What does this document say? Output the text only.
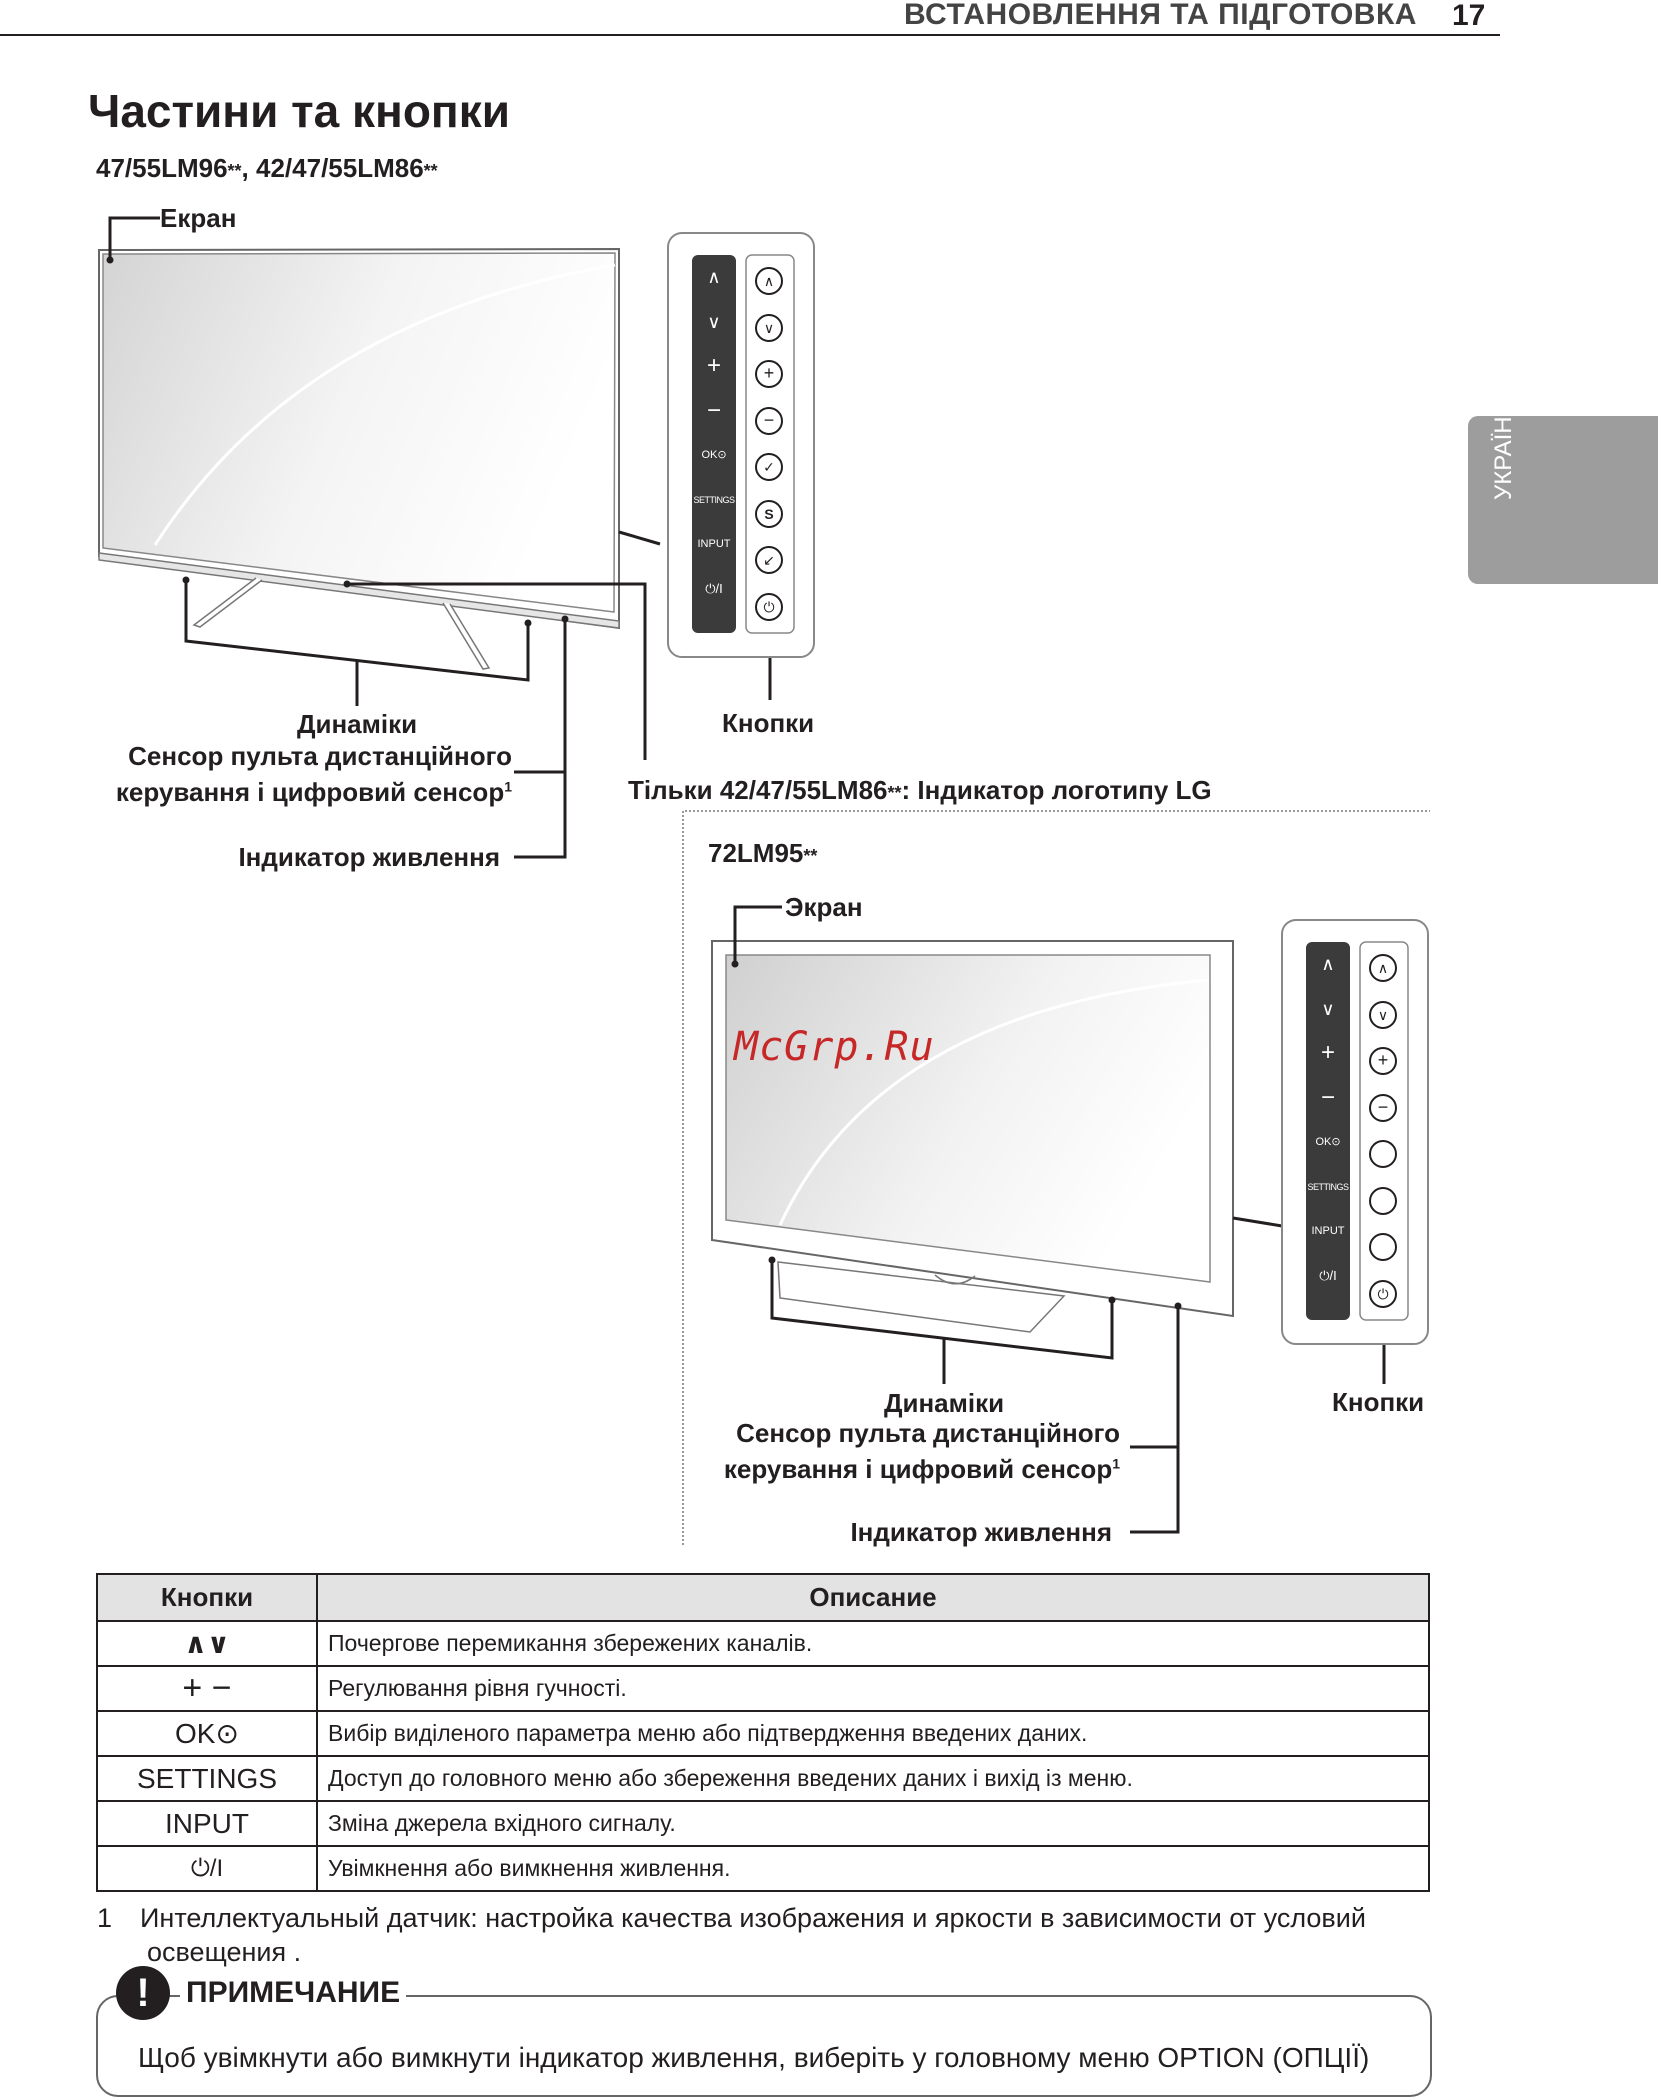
ВСТАНОВЛЕННЯ ТА ПІДГОТОВКА 17
УКРАЇНСЬКА
Частини та кнопки
47/55LM96**, 42/47/55LM86**
∧
∨
+
−
OK⊙
SETTINGS
INPUT
⏻/I
∧
∨
+
−
✓
S
↙
⏻
∧
∨
+
−
OK⊙
SETTINGS
INPUT
⏻/I
∧
∨
+
−
⏻
Екран
Динаміки
Сенсор пульта дистанційного
керування і цифровий сенсор$^1$
Індикатор живлення
Кнопки
Тільки 42/47/55LM86**: Індикатор логотипу LG
72LM95**
Экран
McGrp.Ru
Динаміки
Сенсор пульта дистанційного
керування і цифровий сенсор$^1$
Індикатор живлення
Кнопки
Кнопки	Описание
∧∨	Почергове перемикання збережених каналів.
+ −	Регулювання рівня гучності.
OK⊙	Вибір виділеного параметра меню або підтвердження введених даних.
SETTINGS	Доступ до головного меню або збереження введених даних і вихід із меню.
INPUT	Зміна джерела вхідного сигналу.
⏻/I	Увімкнення або вимкнення живлення.
1 Интеллектуальный датчик: настройка качества изображения и яркости в зависимости от условий
освещения .
!	ПРИМЕЧАНИЕ
Щоб увімкнути або вимкнути індикатор живлення, виберіть у головному меню OPTION (ОПЦІЇ)
